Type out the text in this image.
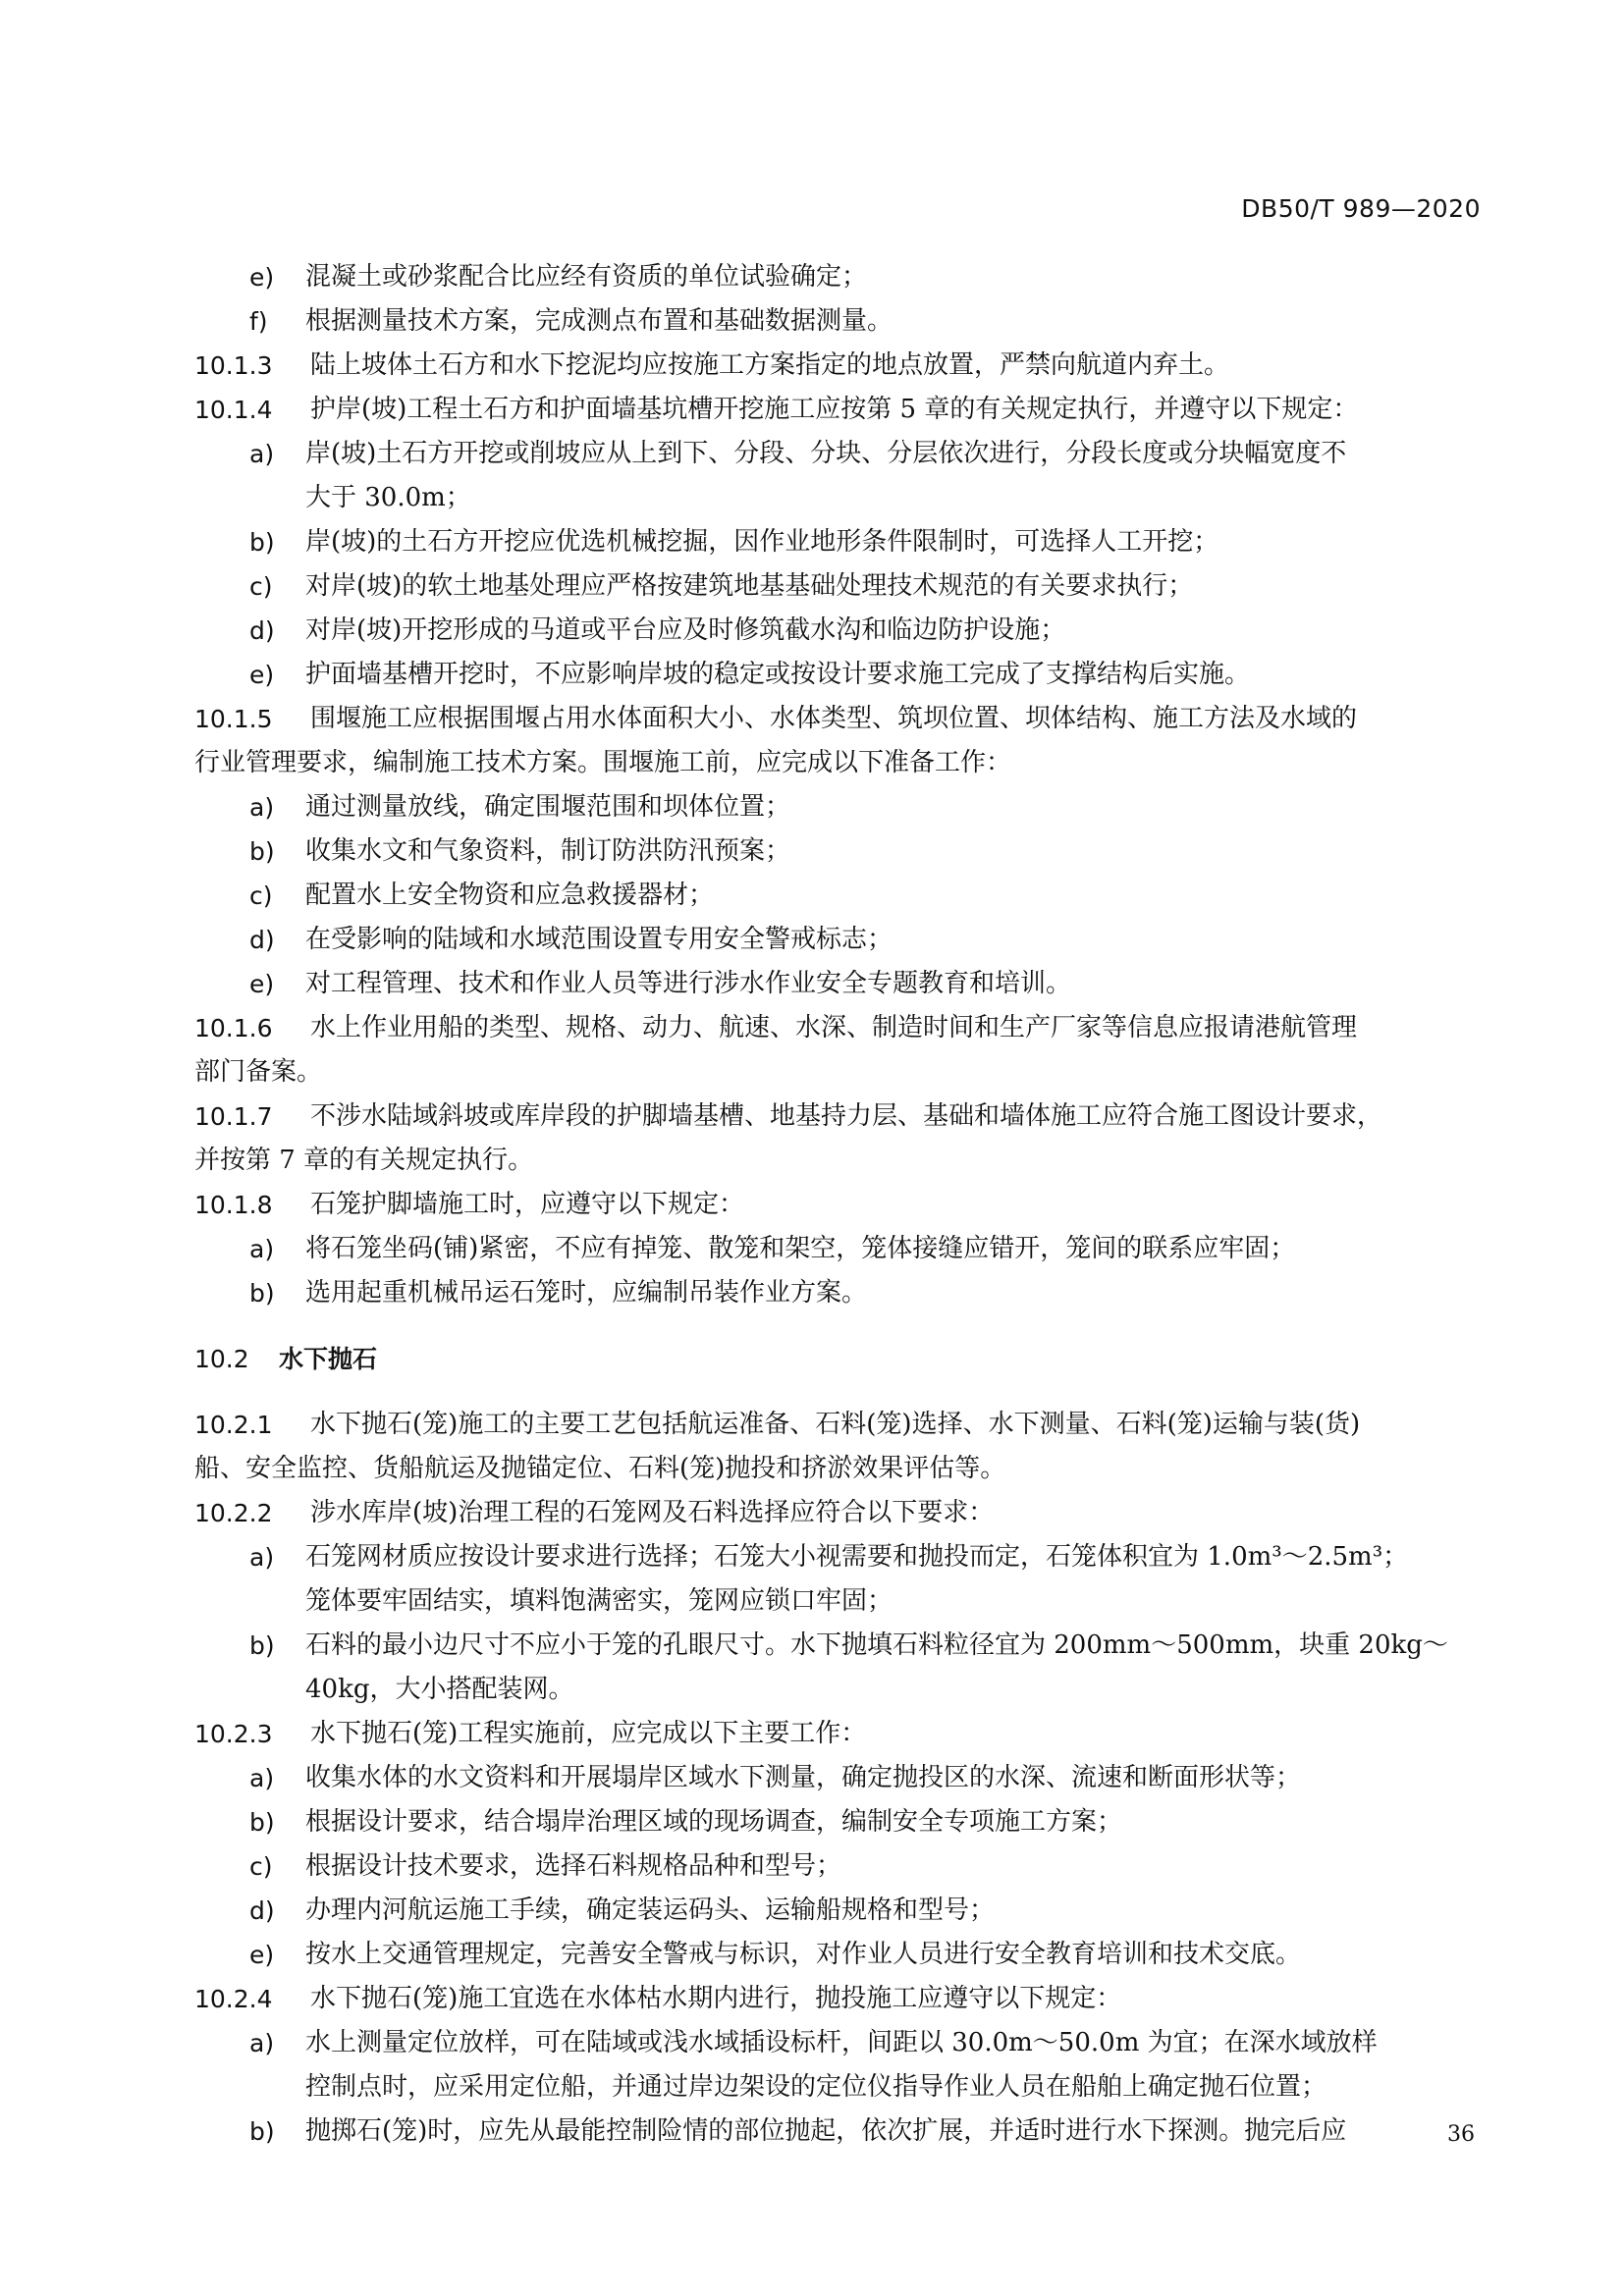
DB50/T 989—2020
e) 混凝土或砂浆配合比应经有资质的单位试验确定；
f) 根据测量技术方案，完成测点布置和基础数据测量。
10.1.3 陆上坡体土石方和水下挖泥均应按施工方案指定的地点放置，严禁向航道内弃土。
10.1.4 护岸(坡)工程土石方和护面墙基坑槽开挖施工应按第 5 章的有关规定执行，并遵守以下规定：
a) 岸(坡)土石方开挖或削坡应从上到下、分段、分块、分层依次进行，分段长度或分块幅宽度不
大于 30.0m；
b) 岸(坡)的土石方开挖应优选机械挖掘，因作业地形条件限制时，可选择人工开挖；
c) 对岸(坡)的软土地基处理应严格按建筑地基基础处理技术规范的有关要求执行；
d) 对岸(坡)开挖形成的马道或平台应及时修筑截水沟和临边防护设施；
e) 护面墙基槽开挖时，不应影响岸坡的稳定或按设计要求施工完成了支撑结构后实施。
10.1.5 围堰施工应根据围堰占用水体面积大小、水体类型、筑坝位置、坝体结构、施工方法及水域的
行业管理要求，编制施工技术方案。围堰施工前，应完成以下准备工作：
a) 通过测量放线，确定围堰范围和坝体位置；
b) 收集水文和气象资料，制订防洪防汛预案；
c) 配置水上安全物资和应急救援器材；
d) 在受影响的陆域和水域范围设置专用安全警戒标志；
e) 对工程管理、技术和作业人员等进行涉水作业安全专题教育和培训。
10.1.6 水上作业用船的类型、规格、动力、航速、水深、制造时间和生产厂家等信息应报请港航管理
部门备案。
10.1.7 不涉水陆域斜坡或库岸段的护脚墙基槽、地基持力层、基础和墙体施工应符合施工图设计要求，
并按第 7 章的有关规定执行。
10.1.8 石笼护脚墙施工时，应遵守以下规定：
a) 将石笼坐码(铺)紧密，不应有掉笼、散笼和架空，笼体接缝应错开，笼间的联系应牢固；
b) 选用起重机械吊运石笼时，应编制吊装作业方案。
10.2 水下抛石
10.2.1 水下抛石(笼)施工的主要工艺包括航运准备、石料(笼)选择、水下测量、石料(笼)运输与装(货)
船、安全监控、货船航运及抛锚定位、石料(笼)抛投和挤淤效果评估等。
10.2.2 涉水库岸(坡)治理工程的石笼网及石料选择应符合以下要求：
a) 石笼网材质应按设计要求进行选择；石笼大小视需要和抛投而定，石笼体积宜为 1.0m³～2.5m³；
笼体要牢固结实，填料饱满密实，笼网应锁口牢固；
b) 石料的最小边尺寸不应小于笼的孔眼尺寸。水下抛填石料粒径宜为 200mm～500mm，块重 20kg～
40kg，大小搭配装网。
10.2.3 水下抛石(笼)工程实施前，应完成以下主要工作：
a) 收集水体的水文资料和开展塌岸区域水下测量，确定抛投区的水深、流速和断面形状等；
b) 根据设计要求，结合塌岸治理区域的现场调查，编制安全专项施工方案；
c) 根据设计技术要求，选择石料规格品种和型号；
d) 办理内河航运施工手续，确定装运码头、运输船规格和型号；
e) 按水上交通管理规定，完善安全警戒与标识，对作业人员进行安全教育培训和技术交底。
10.2.4 水下抛石(笼)施工宜选在水体枯水期内进行，抛投施工应遵守以下规定：
a) 水上测量定位放样，可在陆域或浅水域插设标杆，间距以 30.0m～50.0m 为宜；在深水域放样
控制点时，应采用定位船，并通过岸边架设的定位仪指导作业人员在船舶上确定抛石位置；
b) 抛掷石(笼)时，应先从最能控制险情的部位抛起，依次扩展，并适时进行水下探测。抛完后应	36
